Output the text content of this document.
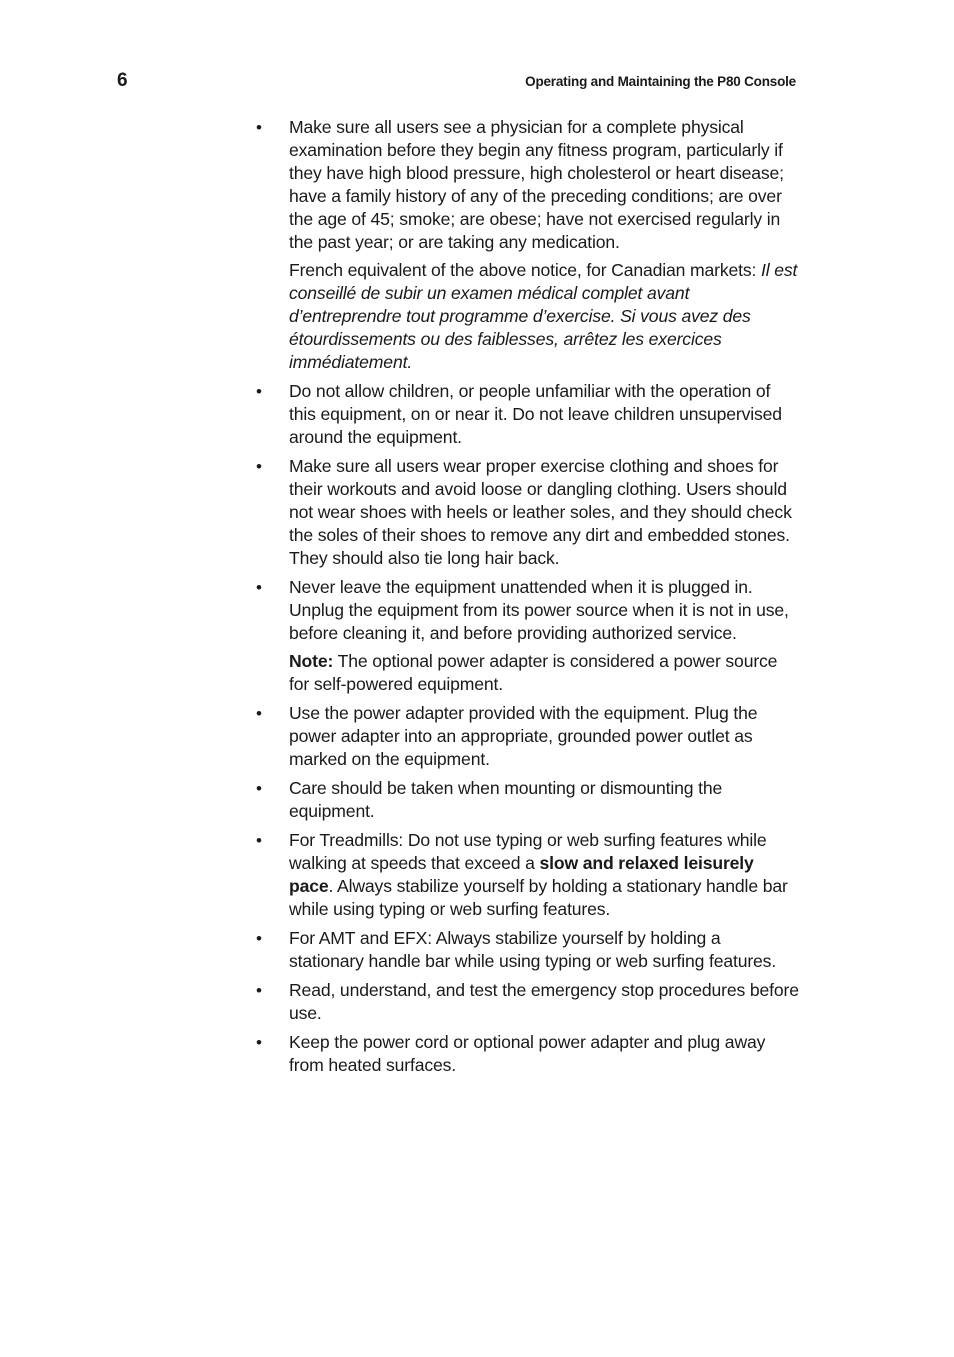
6	Operating and Maintaining the P80 Console
• Make sure all users see a physician for a complete physical examination before they begin any fitness program, particularly if they have high blood pressure, high cholesterol or heart disease; have a family history of any of the preceding conditions; are over the age of 45; smoke; are obese; have not exercised regularly in the past year; or are taking any medication.

French equivalent of the above notice, for Canadian markets: Il est conseillé de subir un examen médical complet avant d’entreprendre tout programme d’exercise. Si vous avez des étourdissements ou des faiblesses, arrêtez les exercices immédiatement.

• Do not allow children, or people unfamiliar with the operation of this equipment, on or near it. Do not leave children unsupervised around the equipment.

• Make sure all users wear proper exercise clothing and shoes for their workouts and avoid loose or dangling clothing. Users should not wear shoes with heels or leather soles, and they should check the soles of their shoes to remove any dirt and embedded stones. They should also tie long hair back.

• Never leave the equipment unattended when it is plugged in. Unplug the equipment from its power source when it is not in use, before cleaning it, and before providing authorized service.

Note: The optional power adapter is considered a power source for self-powered equipment.

• Use the power adapter provided with the equipment. Plug the power adapter into an appropriate, grounded power outlet as marked on the equipment.

• Care should be taken when mounting or dismounting the equipment.

• For Treadmills: Do not use typing or web surfing features while walking at speeds that exceed a slow and relaxed leisurely pace. Always stabilize yourself by holding a stationary handle bar while using typing or web surfing features.

• For AMT and EFX: Always stabilize yourself by holding a stationary handle bar while using typing or web surfing features.

• Read, understand, and test the emergency stop procedures before use.

• Keep the power cord or optional power adapter and plug away from heated surfaces.
